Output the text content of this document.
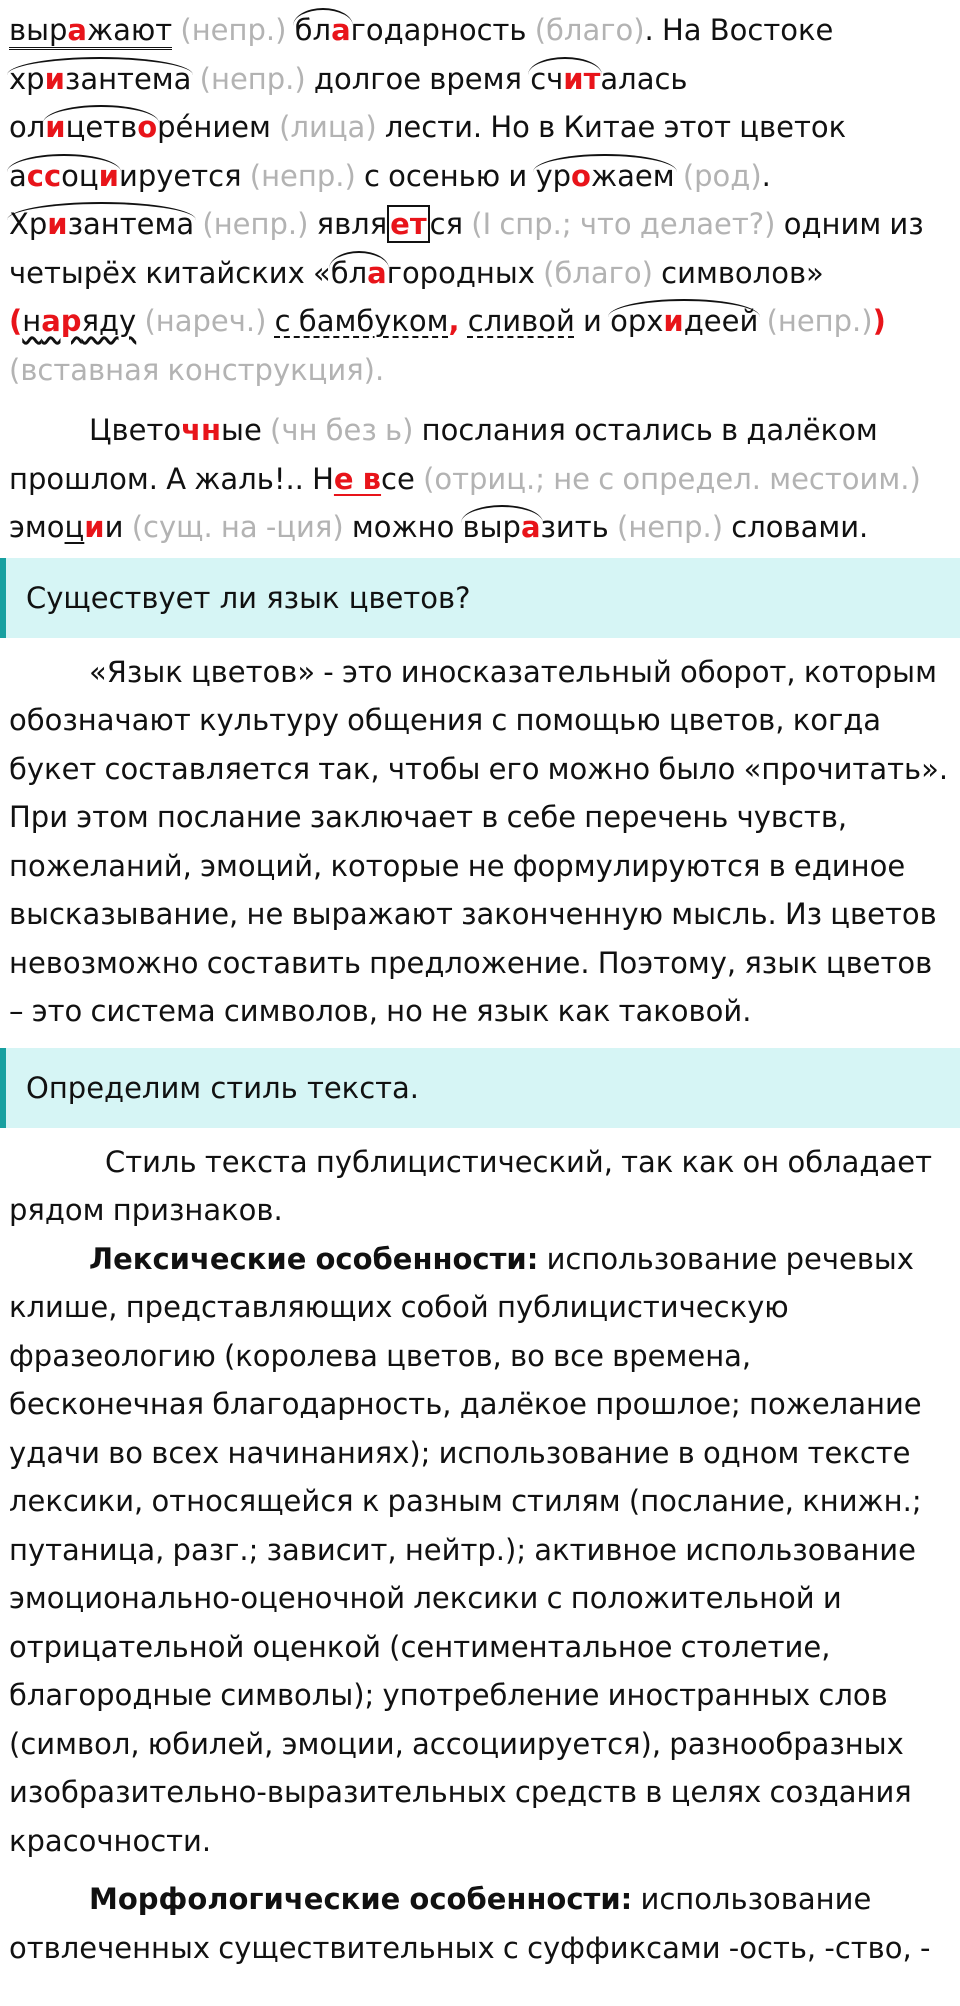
выражают (непр.) благодарность (благо). На Востоке
хризантема (непр.) долгое время считалась
олицетворе́нием (лица) лести. Но в Китае этот цветок
ассоциируется (непр.) с осенью и урожаем (род).
Хризантема (непр.) явля ет ся (I спр.; что делает?) одним из
четырёх китайских «благородных (благо) символов»
(наряду (нареч.) с бамбуком, сливой и орхидеей (непр.))
(вставная конструкция).
Цветочные (чн без ь) послания остались в далёком
прошлом. А жаль!.. Не все (отриц.; не с определ. местоим.)
эмоции (сущ. на -ция) можно выразить (непр.) словами.
Существует ли язык цветов?
«Язык цветов» - это иносказательный оборот, которым
обозначают культуру общения с помощью цветов, когда
букет составляется так, чтобы его можно было «прочитать».
При этом послание заключает в себе перечень чувств,
пожеланий, эмоций, которые не формулируются в единое
высказывание, не выражают законченную мысль. Из цветов
невозможно составить предложение. Поэтому, язык цветов
– это система символов, но не язык как таковой.
Определим стиль текста.
Стиль текста публицистический, так как он обладает
рядом признаков.
Лексические особенности: использование речевых
клише, представляющих собой публицистическую
фразеологию (королева цветов, во все времена,
бесконечная благодарность, далёкое прошлое; пожелание
удачи во всех начинаниях); использование в одном тексте
лексики, относящейся к разным стилям (послание, книжн.;
путаница, разг.; зависит, нейтр.); активное использование
эмоционально-оценочной лексики с положительной и
отрицательной оценкой (сентиментальное столетие,
благородные символы); употребление иностранных слов
(символ, юбилей, эмоции, ассоциируется), разнообразных
изобразительно-выразительных средств в целях создания
красочности.
Морфологические особенности: использование
отвлеченных существительных с суффиксами -ость, -ство, -
